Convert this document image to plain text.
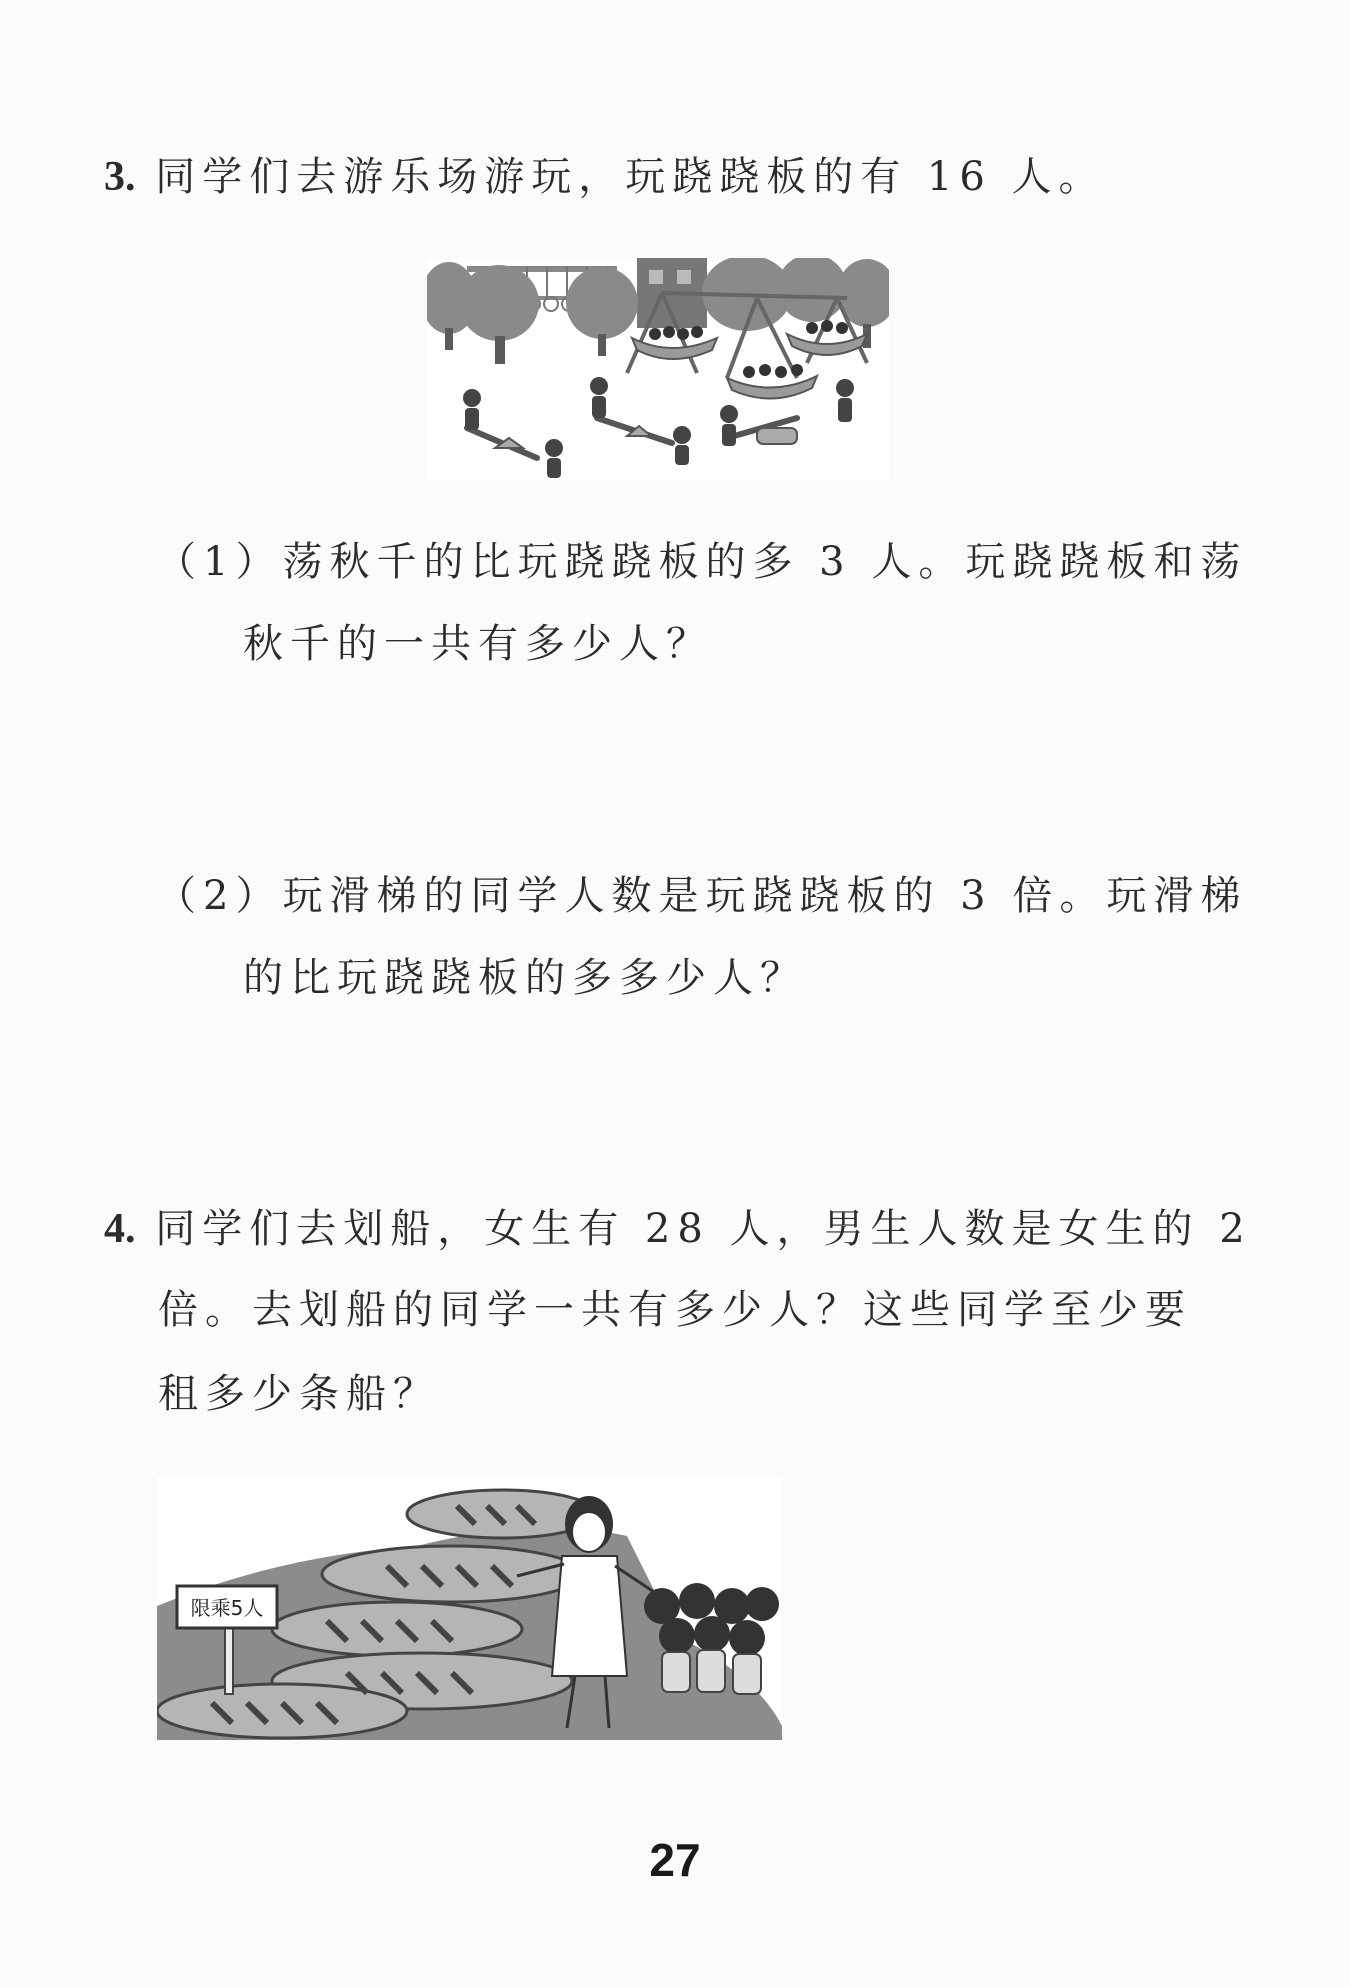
3. 同学们去游乐场游玩，玩跷跷板的有 16 人。
（1）荡秋千的比玩跷跷板的多 3 人。玩跷跷板和荡
秋千的一共有多少人？
（2）玩滑梯的同学人数是玩跷跷板的 3 倍。玩滑梯
的比玩跷跷板的多多少人？
4. 同学们去划船，女生有 28 人，男生人数是女生的 2
倍。去划船的同学一共有多少人？这些同学至少要
租多少条船？
限乘5人
27
